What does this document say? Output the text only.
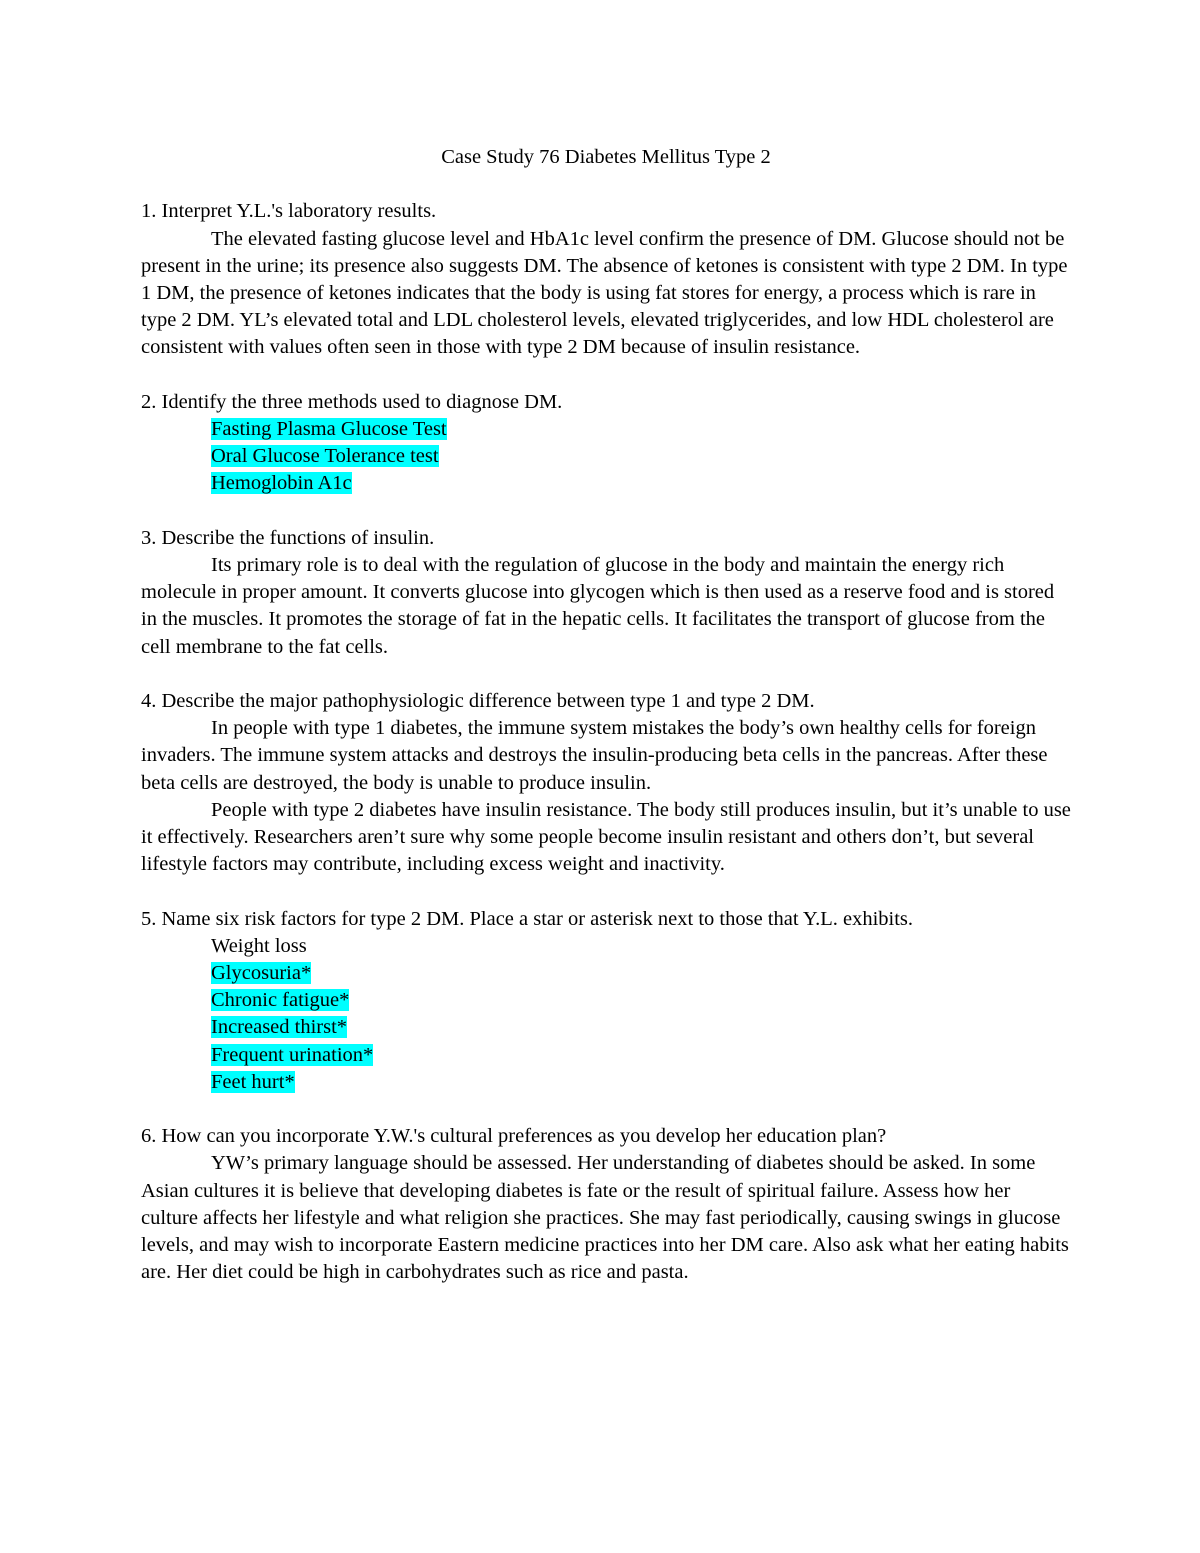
Case Study 76 Diabetes Mellitus Type 2

1. Interpret Y.L.'s laboratory results.

The elevated fasting glucose level and HbA1c level confirm the presence of DM. Glucose should not be present in the urine; its presence also suggests DM. The absence of ketones is consistent with type 2 DM. In type 1 DM, the presence of ketones indicates that the body is using fat stores for energy, a process which is rare in type 2 DM. YL’s elevated total and LDL cholesterol levels, elevated triglycerides, and low HDL cholesterol are consistent with values often seen in those with type 2 DM because of insulin resistance.

2. Identify the three methods used to diagnose DM.

Fasting Plasma Glucose Test
Oral Glucose Tolerance test
Hemoglobin A1c

3. Describe the functions of insulin.

Its primary role is to deal with the regulation of glucose in the body and maintain the energy rich molecule in proper amount. It converts glucose into glycogen which is then used as a reserve food and is stored in the muscles. It promotes the storage of fat in the hepatic cells. It facilitates the transport of glucose from the cell membrane to the fat cells.

4. Describe the major pathophysiologic difference between type 1 and type 2 DM.

In people with type 1 diabetes, the immune system mistakes the body’s own healthy cells for foreign invaders. The immune system attacks and destroys the insulin-producing beta cells in the pancreas. After these beta cells are destroyed, the body is unable to produce insulin.

People with type 2 diabetes have insulin resistance. The body still produces insulin, but it’s unable to use it effectively. Researchers aren’t sure why some people become insulin resistant and others don’t, but several lifestyle factors may contribute, including excess weight and inactivity.

5. Name six risk factors for type 2 DM. Place a star or asterisk next to those that Y.L. exhibits.

Weight loss
Glycosuria*
Chronic fatigue*
Increased thirst*
Frequent urination*
Feet hurt*

6. How can you incorporate Y.W.'s cultural preferences as you develop her education plan?

YW’s primary language should be assessed. Her understanding of diabetes should be asked. In some Asian cultures it is believe that developing diabetes is fate or the result of spiritual failure. Assess how her culture affects her lifestyle and what religion she practices. She may fast periodically, causing swings in glucose levels, and may wish to incorporate Eastern medicine practices into her DM care. Also ask what her eating habits are. Her diet could be high in carbohydrates such as rice and pasta.
